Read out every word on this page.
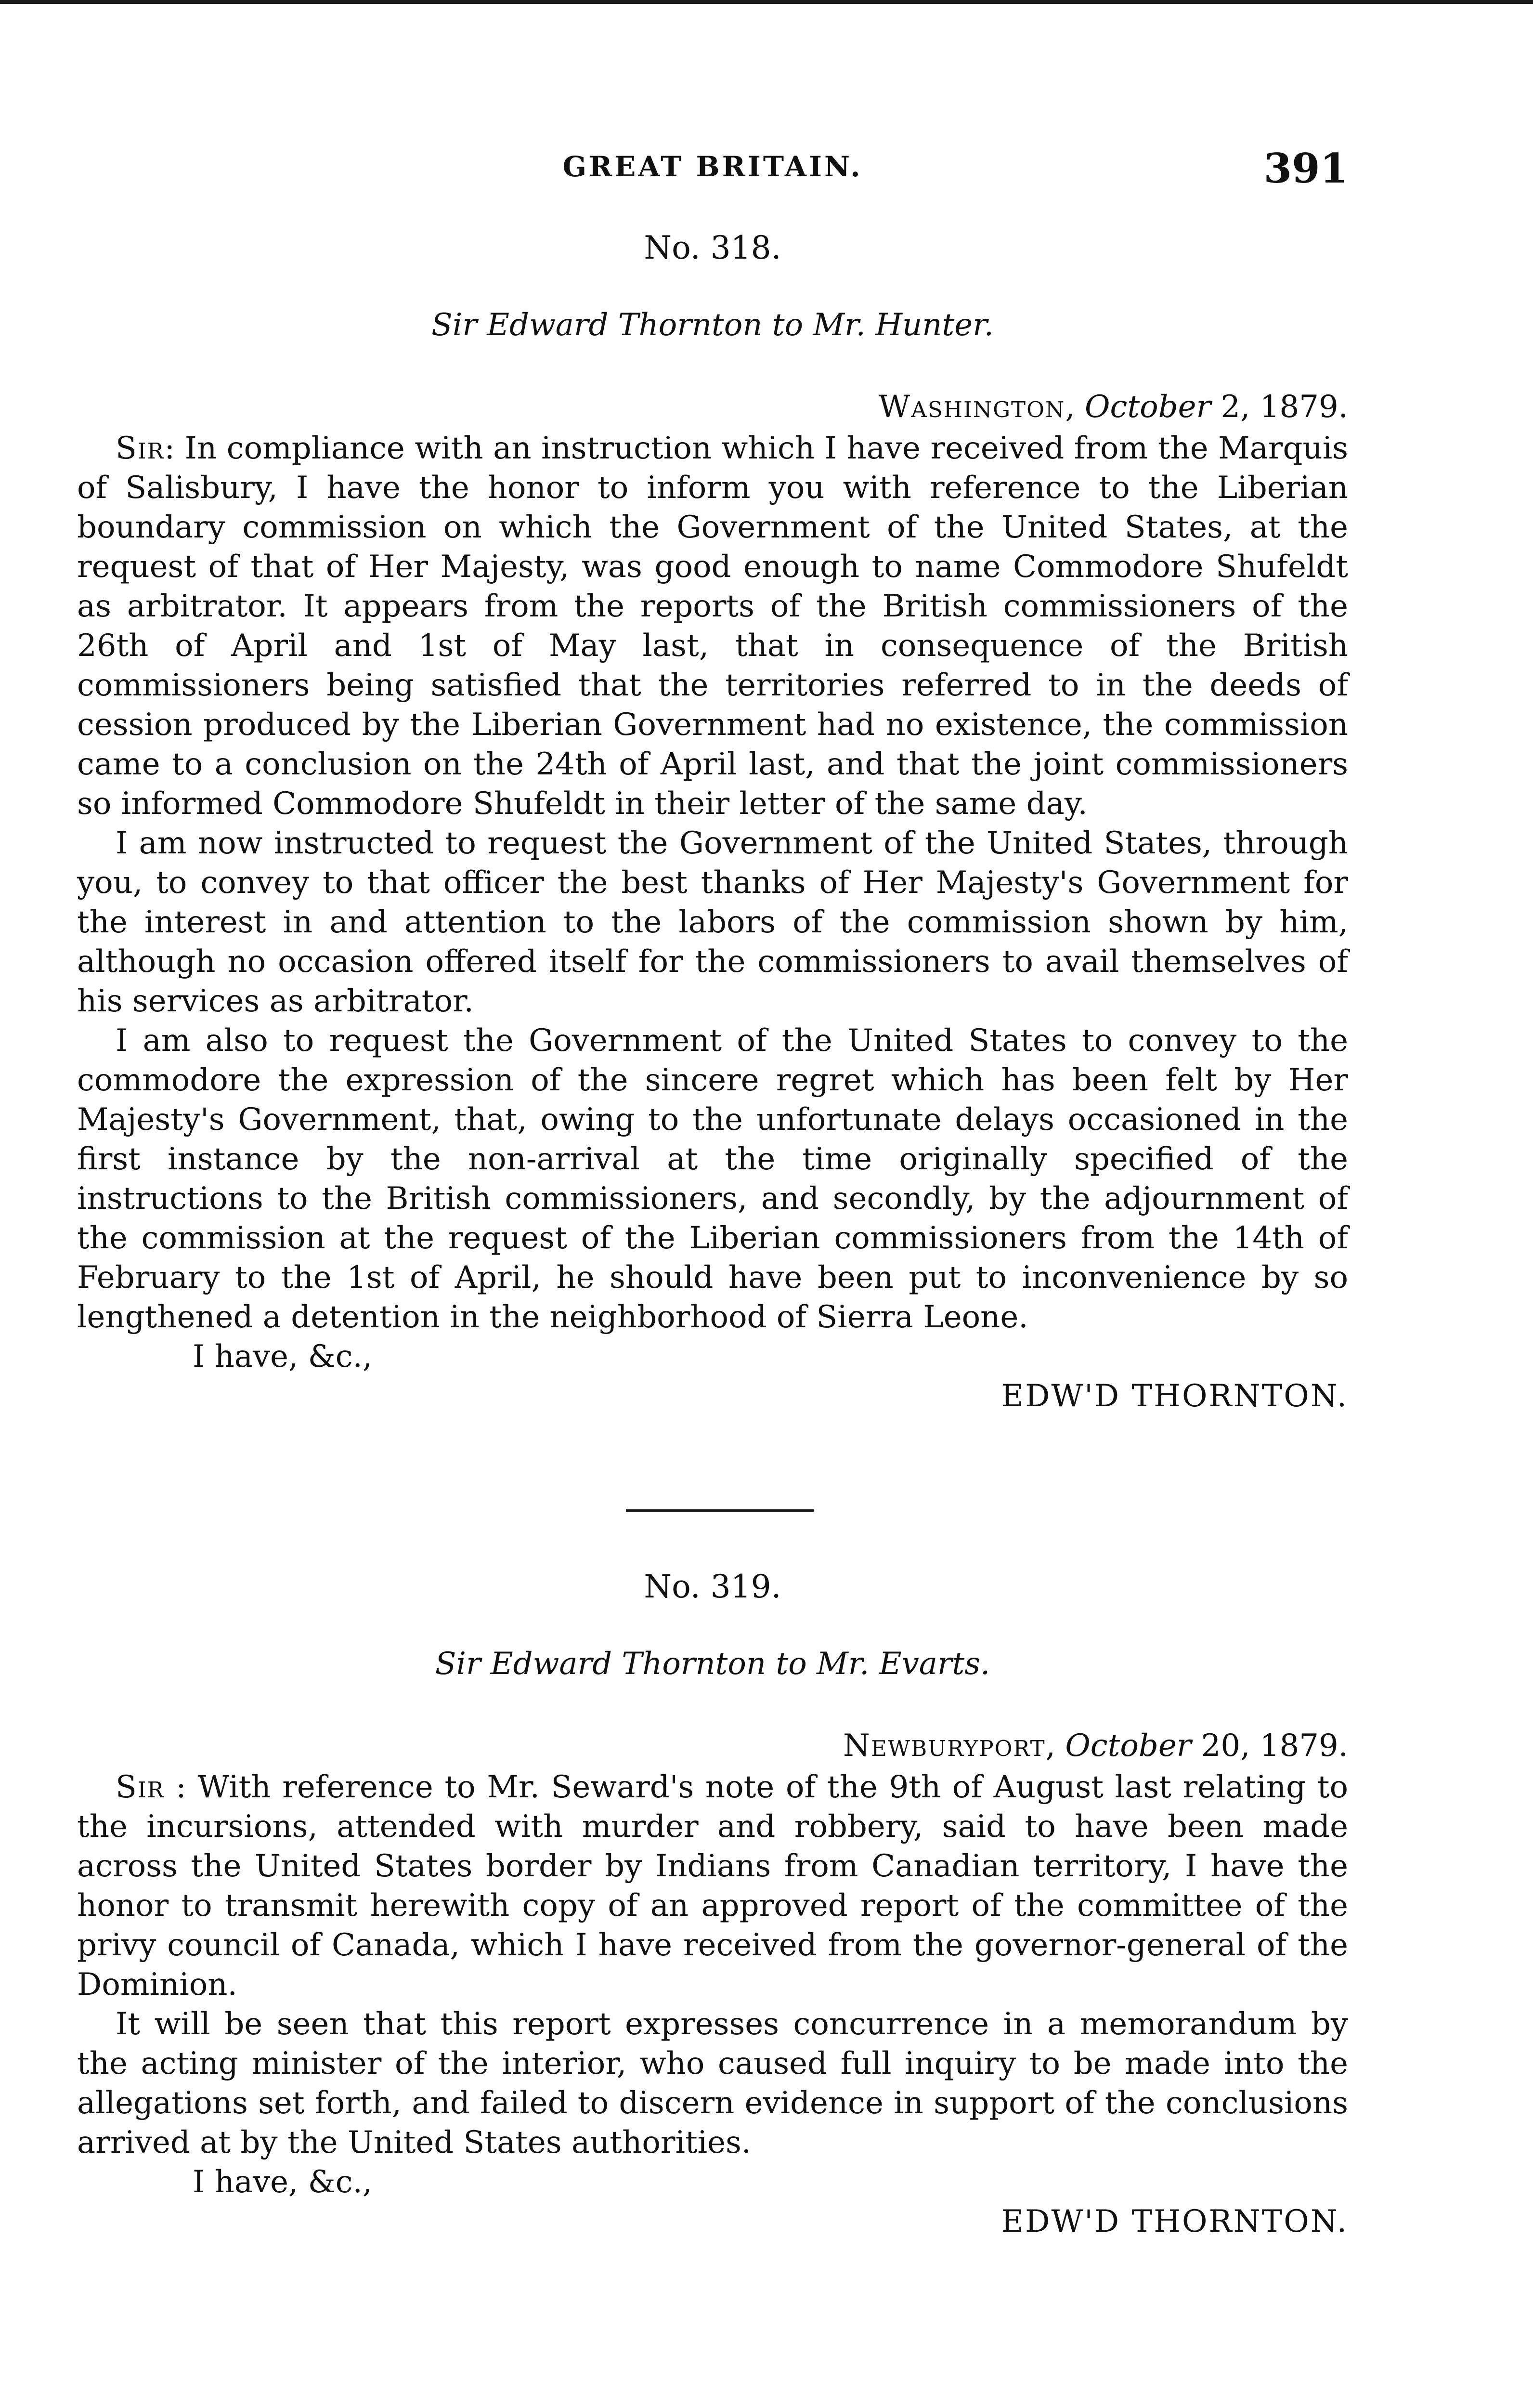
GREAT BRITAIN.	391

No. 318.

Sir Edward Thornton to Mr. Hunter.

Washington, October 2, 1879.

Sir: In compliance with an instruction which I have received from the Marquis of Salisbury, I have the honor to inform you with reference to the Liberian boundary commission on which the Government of the United States, at the request of that of Her Majesty, was good enough to name Commodore Shufeldt as arbitrator. It appears from the reports of the British commissioners of the 26th of April and 1st of May last, that in consequence of the British commissioners being satisfied that the territories referred to in the deeds of cession produced by the Liberian Government had no existence, the commission came to a conclusion on the 24th of April last, and that the joint commissioners so informed Commodore Shufeldt in their letter of the same day.

I am now instructed to request the Government of the United States, through you, to convey to that officer the best thanks of Her Majesty's Government for the interest in and attention to the labors of the commission shown by him, although no occasion offered itself for the commissioners to avail themselves of his services as arbitrator.

I am also to request the Government of the United States to convey to the commodore the expression of the sincere regret which has been felt by Her Majesty's Government, that, owing to the unfortunate delays occasioned in the first instance by the non-arrival at the time originally specified of the instructions to the British commissioners, and secondly, by the adjournment of the commission at the request of the Liberian commissioners from the 14th of February to the 1st of April, he should have been put to inconvenience by so lengthened a detention in the neighborhood of Sierra Leone.

I have, &c.,

EDW'D THORNTON.

No. 319.

Sir Edward Thornton to Mr. Evarts.

Newburyport, October 20, 1879.

Sir : With reference to Mr. Seward's note of the 9th of August last relating to the incursions, attended with murder and robbery, said to have been made across the United States border by Indians from Canadian territory, I have the honor to transmit herewith copy of an approved report of the committee of the privy council of Canada, which I have received from the governor-general of the Dominion.

It will be seen that this report expresses concurrence in a memorandum by the acting minister of the interior, who caused full inquiry to be made into the allegations set forth, and failed to discern evidence in support of the conclusions arrived at by the United States authorities.

I have, &c.,

EDW'D THORNTON.
